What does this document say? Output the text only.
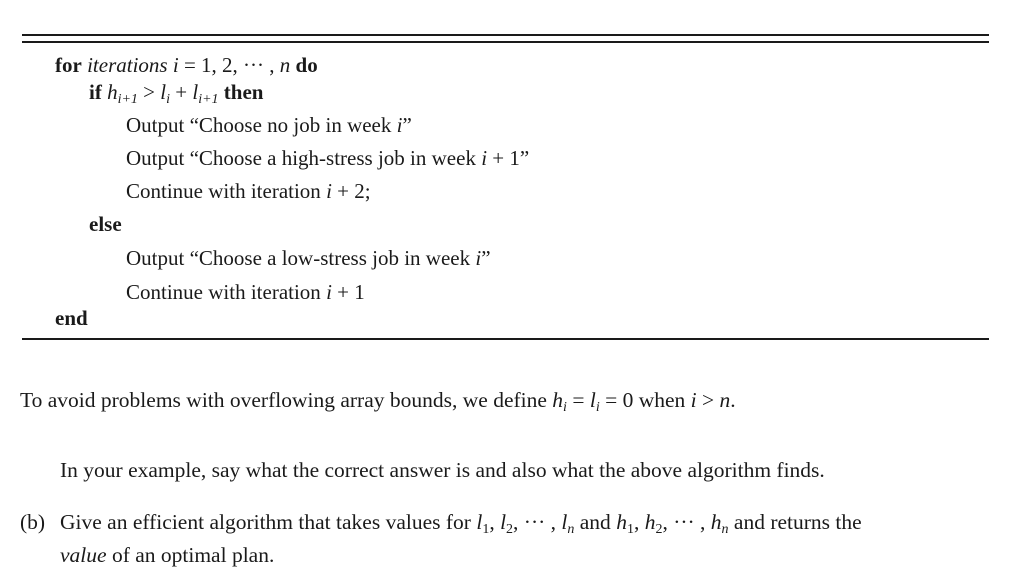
for iterations i = 1, 2, ··· , n do
if $h_{i+1} > l_i + l_{i+1}$ then
Output “Choose no job in week i”
Output “Choose a high-stress job in week i + 1”
Continue with iteration i + 2;
else
Output “Choose a low-stress job in week i”
Continue with iteration i + 1
end
To avoid problems with overflowing array bounds, we define $h_i = l_i = 0$ when i > n.
In your example, say what the correct answer is and also what the above algorithm finds.
(b) Give an efficient algorithm that takes values for $l_1$, $l_2$, ··· , $l_n$ and $h_1$, $h_2$, ··· , $h_n$ and returns the
value of an optimal plan.
